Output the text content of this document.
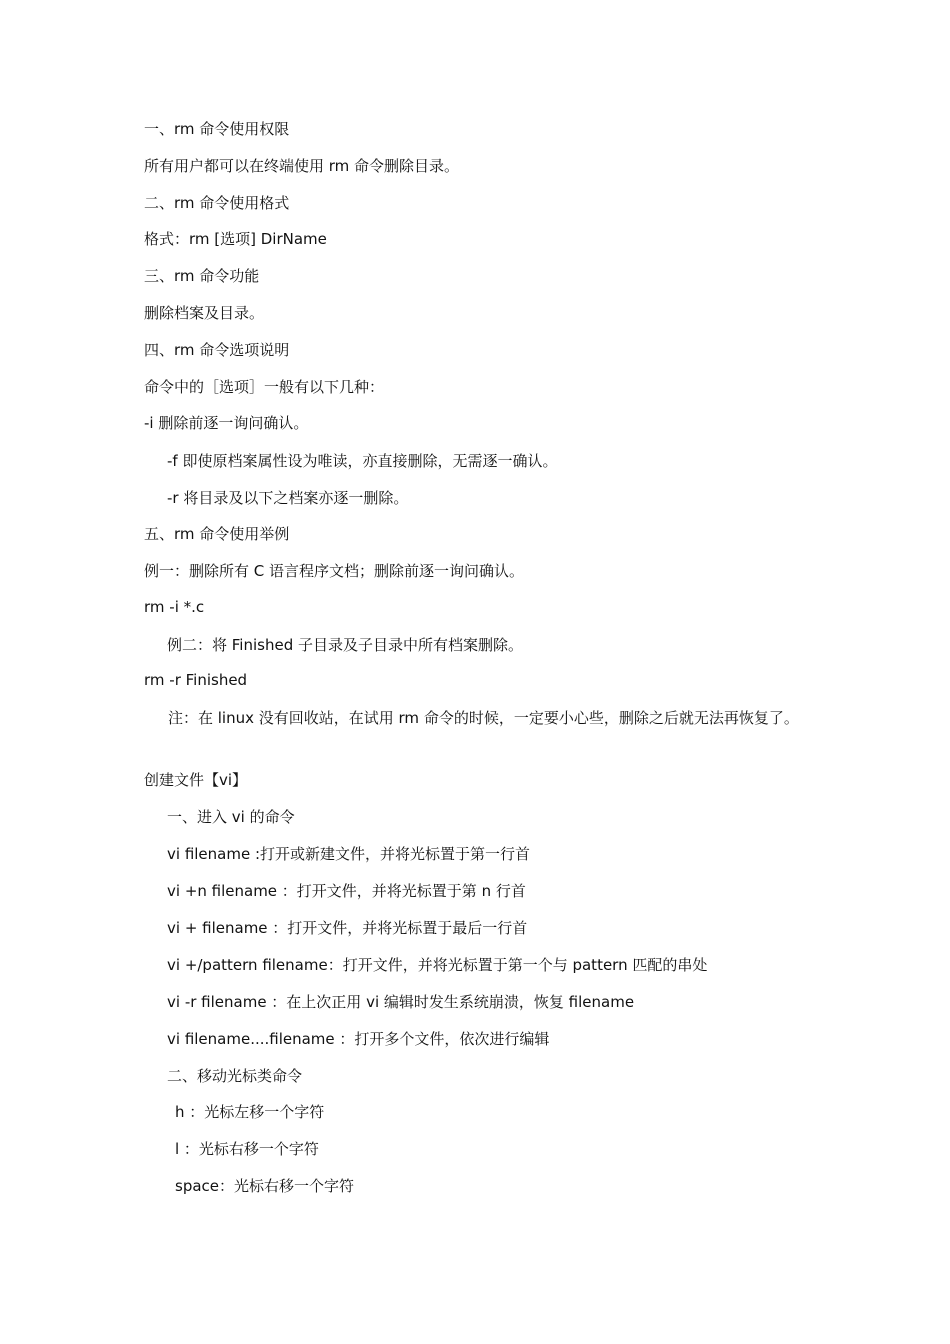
一、rm 命令使用权限
所有用户都可以在终端使用 rm 命令删除目录。
二、rm 命令使用格式
格式：rm [选项] DirName
三、rm 命令功能
删除档案及目录。
四、rm 命令选项说明
命令中的［选项］一般有以下几种：
-i 删除前逐一询问确认。
-f 即使原档案属性设为唯读，亦直接删除，无需逐一确认。
-r 将目录及以下之档案亦逐一删除。
五、rm 命令使用举例
例一：删除所有 C 语言程序文档；删除前逐一询问确认。
rm -i *.c
例二：将 Finished 子目录及子目录中所有档案删除。
rm -r Finished
注：在 linux 没有回收站，在试用 rm 命令的时候，一定要小心些，删除之后就无法再恢复了。
创建文件【vi】
一、进入 vi 的命令
vi filename :打开或新建文件，并将光标置于第一行首
vi +n filename ：打开文件，并将光标置于第 n 行首
vi + filename ：打开文件，并将光标置于最后一行首
vi +/pattern filename：打开文件，并将光标置于第一个与 pattern 匹配的串处
vi -r filename ：在上次正用 vi 编辑时发生系统崩溃，恢复 filename
vi filename....filename ：打开多个文件，依次进行编辑
二、移动光标类命令
h ：光标左移一个字符
l ：光标右移一个字符
space：光标右移一个字符
